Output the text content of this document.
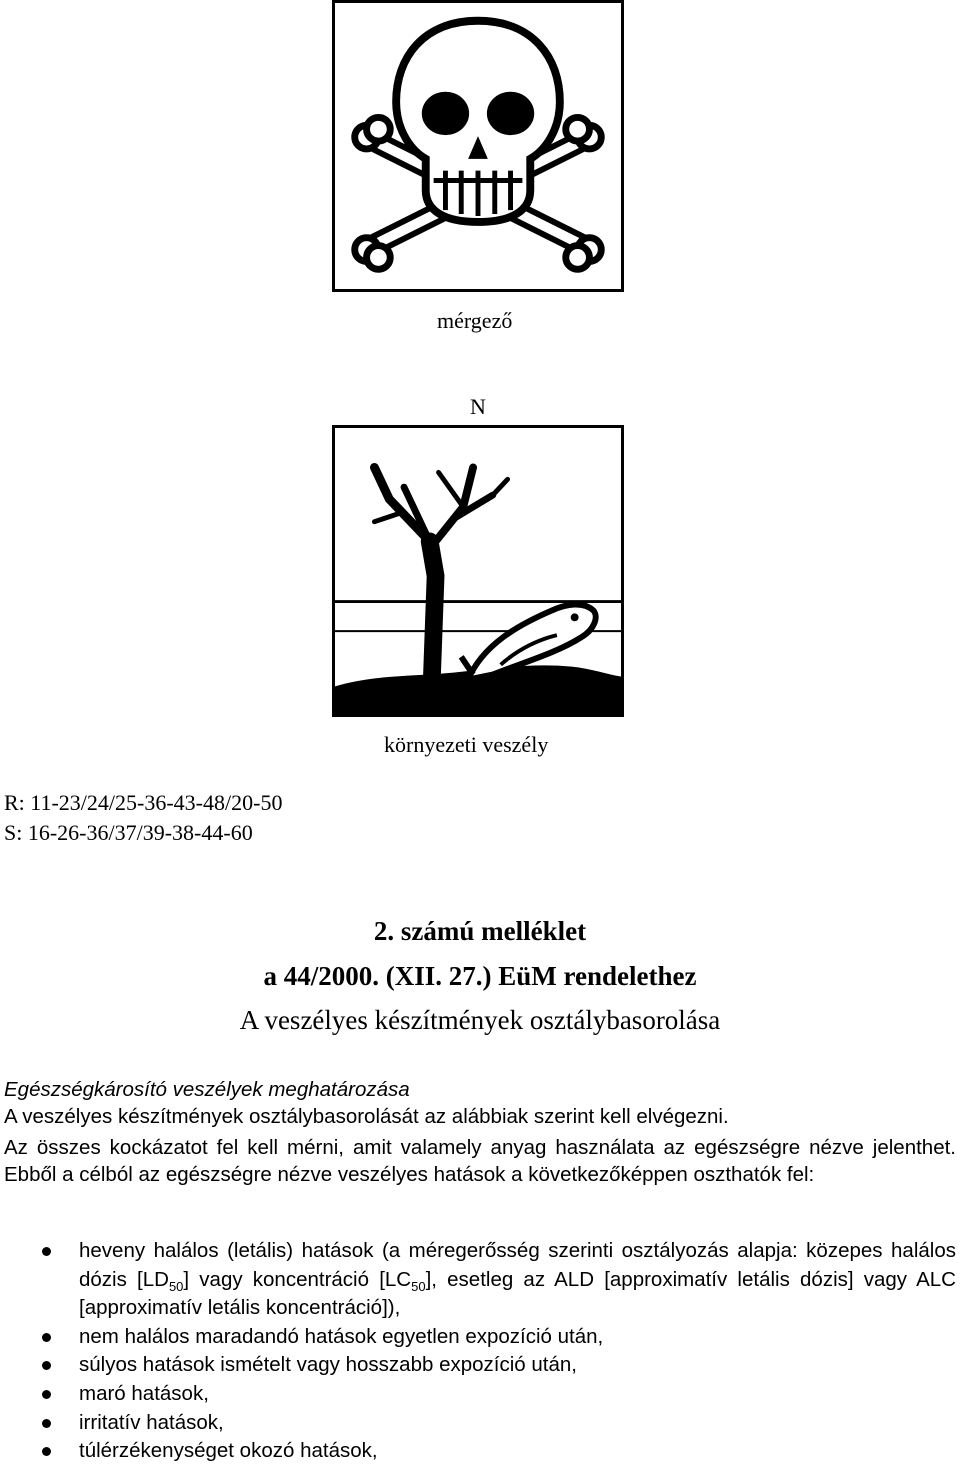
mérgező
N
környezeti veszély
R: 11-23/24/25-36-43-48/20-50
S: 16-26-36/37/39-38-44-60
2. számú melléklet
a 44/2000. (XII. 27.) EüM rendelethez
A veszélyes készítmények osztálybasorolása
Egészségkárosító veszélyek meghatározása
A veszélyes készítmények osztálybasorolását az alábbiak szerint kell elvégezni.
Az összes kockázatot fel kell mérni, amit valamely anyag használata az egészségre nézve jelenthet. Ebből a célból az egészségre nézve veszélyes hatások a következőképpen oszthatók fel:
heveny halálos (letális) hatások (a méregerősség szerinti osztályozás alapja: közepes halálos dózis $[LD_{50}]$ vagy koncentráció $[LC_{50}]$, esetleg az ALD [approximatív letális dózis] vagy ALC [approximatív letális koncentráció]),
nem halálos maradandó hatások egyetlen expozíció után,
súlyos hatások ismételt vagy hosszabb expozíció után,
maró hatások,
irritatív hatások,
túlérzékenységet okozó hatások,
